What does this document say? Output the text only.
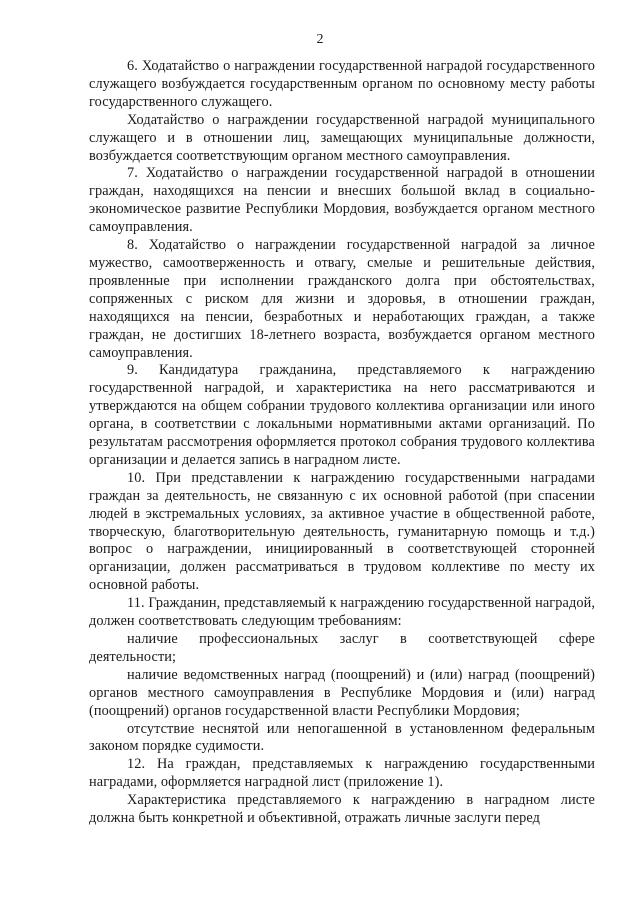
2

6. Ходатайство о награждении государственной наградой государственного служащего возбуждается государственным органом по основному месту работы государственного служащего.

Ходатайство о награждении государственной наградой муниципального служащего и в отношении лиц, замещающих муниципальные должности, возбуждается соответствующим органом местного самоуправления.

7. Ходатайство о награждении государственной наградой в отношении граждан, находящихся на пенсии и внесших большой вклад в социально-экономическое развитие Республики Мордовия, возбуждается органом местного самоуправления.

8. Ходатайство о награждении государственной наградой за личное мужество, самоотверженность и отвагу, смелые и решительные действия, проявленные при исполнении гражданского долга при обстоятельствах, сопряженных с риском для жизни и здоровья, в отношении граждан, находящихся на пенсии, безработных и неработающих граждан, а также граждан, не достигших 18-летнего возраста, возбуждается органом местного самоуправления.

9. Кандидатура гражданина, представляемого к награждению государственной наградой, и характеристика на него рассматриваются и утверждаются на общем собрании трудового коллектива организации или иного органа, в соответствии с локальными нормативными актами организаций. По результатам рассмотрения оформляется протокол собрания трудового коллектива организации и делается запись в наградном листе.

10. При представлении к награждению государственными наградами граждан за деятельность, не связанную с их основной работой (при спасении людей в экстремальных условиях, за активное участие в общественной работе, творческую, благотворительную деятельность, гуманитарную помощь и т.д.) вопрос о награждении, инициированный в соответствующей сторонней организации, должен рассматриваться в трудовом коллективе по месту их основной работы.

11. Гражданин, представляемый к награждению государственной наградой, должен соответствовать следующим требованиям:

наличие профессиональных заслуг в соответствующей сфере деятельности;

наличие ведомственных наград (поощрений) и (или) наград (поощрений) органов местного самоуправления в Республике Мордовия и (или) наград (поощрений) органов государственной власти Республики Мордовия;

отсутствие неснятой или непогашенной в установленном федеральным законом порядке судимости.

12. На граждан, представляемых к награждению государственными наградами, оформляется наградной лист (приложение 1).

Характеристика представляемого к награждению в наградном листе должна быть конкретной и объективной, отражать личные заслуги перед
